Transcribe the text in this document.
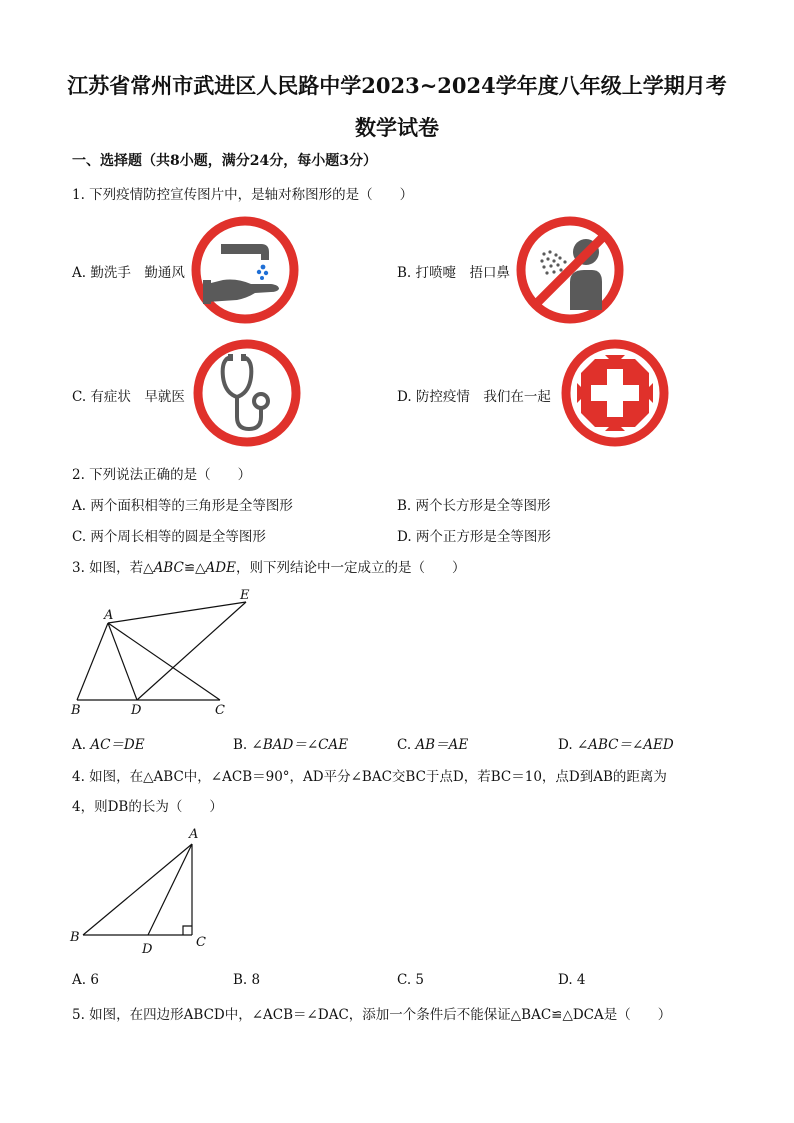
江苏省常州市武进区人民路中学2023~2024学年度八年级上学期月考
数学试卷
一、选择题（共8小题，满分24分，每小题3分）
1. 下列疫情防控宣传图片中，是轴对称图形的是（　　）
A. 勤洗手　勤通风	B. 打喷嚏　捂口鼻
C. 有症状　早就医	D. 防控疫情　我们在一起
2. 下列说法正确的是（　　）
A. 两个面积相等的三角形是全等图形	B. 两个长方形是全等图形
C. 两个周长相等的圆是全等图形	D. 两个正方形是全等图形
3. 如图，若△ABC≌△ADE，则下列结论中一定成立的是（　　）
A
B	D	C
E
A. AC＝DE	B. ∠BAD＝∠CAE	C. AB＝AE	D. ∠ABC＝∠AED
4. 如图，在△ABC中，∠ACB＝90°，AD平分∠BAC交BC于点D，若BC＝10，点D到AB的距离为
4，则DB的长为（　　）
A
B
D	C
A. 6	B. 8	C. 5	D. 4
5. 如图，在四边形ABCD中，∠ACB＝∠DAC，添加一个条件后不能保证△BAC≌△DCA是（　　）
